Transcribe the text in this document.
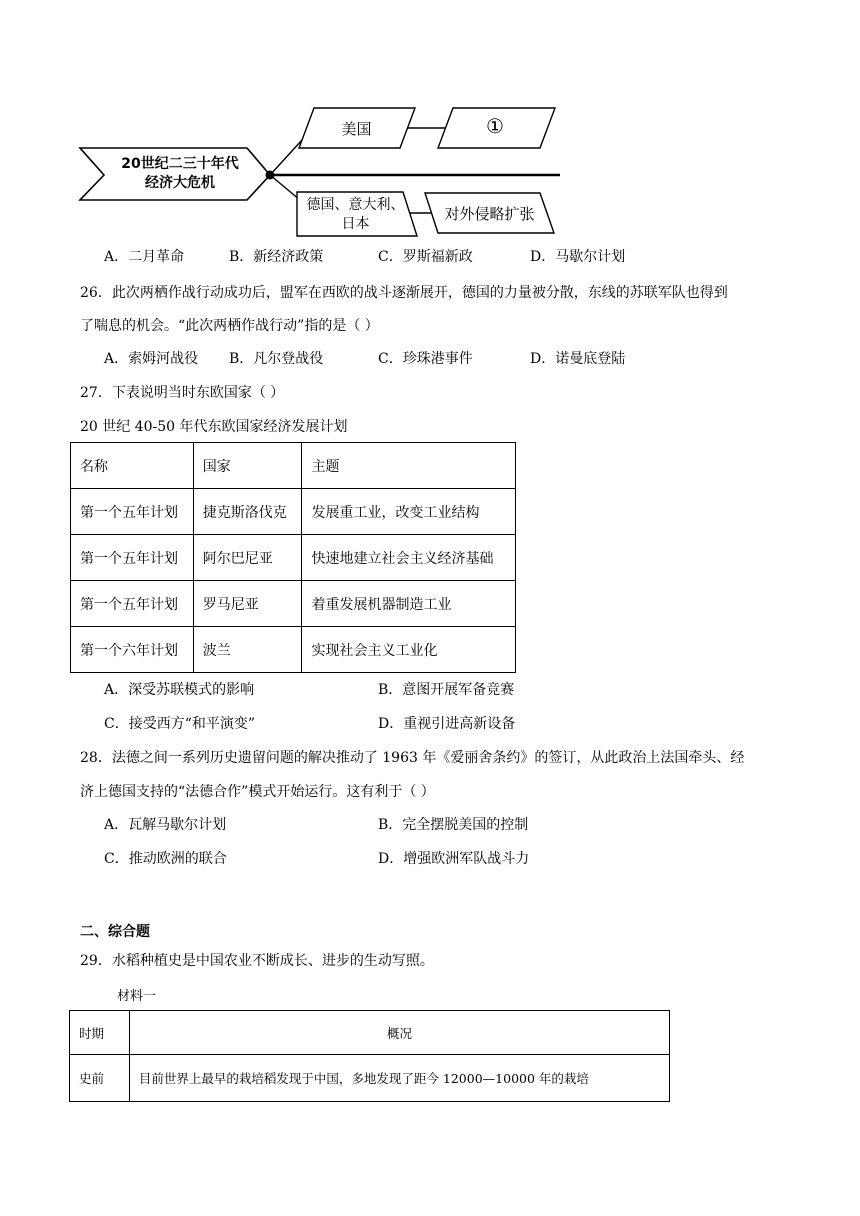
20世纪二三十年代
经济大危机
美国	①
德国、意大利、
日本
对外侵略扩张
A．二月革命	B．新经济政策	C．罗斯福新政	D．马歇尔计划
26．此次两栖作战行动成功后，盟军在西欧的战斗逐渐展开，德国的力量被分散，东线的苏联军队也得到
了喘息的机会。“此次两栖作战行动”指的是（ ）
A．索姆河战役 B．凡尔登战役	C．珍珠港事件	D．诺曼底登陆
27．下表说明当时东欧国家（ ）
20 世纪 40-50 年代东欧国家经济发展计划
名称	国家	主题
第一个五年计划	捷克斯洛伐克	发展重工业，改变工业结构
第一个五年计划	阿尔巴尼亚	快速地建立社会主义经济基础
第一个五年计划	罗马尼亚	着重发展机器制造工业
第一个六年计划	波兰	实现社会主义工业化
A．深受苏联模式的影响	B．意图开展军备竞赛
C．接受西方“和平演变”	D．重视引进高新设备
28．法德之间一系列历史遗留问题的解决推动了 1963 年《爱丽舍条约》的签订，从此政治上法国牵头、经
济上德国支持的“法德合作”模式开始运行。这有利于（ ）
A．瓦解马歇尔计划	B．完全摆脱美国的控制
C．推动欧洲的联合	D．增强欧洲军队战斗力
二、综合题
29．水稻种植史是中国农业不断成长、进步的生动写照。
材料一
时期	概况
史前	目前世界上最早的栽培稻发现于中国，多地发现了距今 12000—10000 年的栽培
